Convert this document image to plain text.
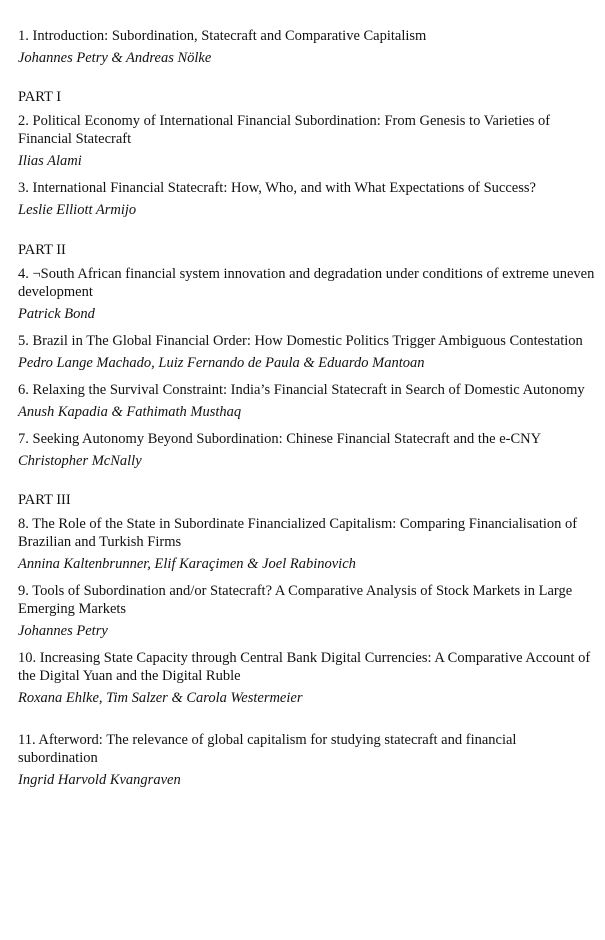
1. Introduction: Subordination, Statecraft and Comparative Capitalism
Johannes Petry & Andreas Nölke
PART I
2. Political Economy of International Financial Subordination: From Genesis to Varieties of Financial Statecraft
Ilias Alami
3. International Financial Statecraft: How, Who, and with What Expectations of Success?
Leslie Elliott Armijo
PART II
4. ¬South African financial system innovation and degradation under conditions of extreme uneven development
Patrick Bond
5. Brazil in The Global Financial Order: How Domestic Politics Trigger Ambiguous Contestation
Pedro Lange Machado, Luiz Fernando de Paula & Eduardo Mantoan
6. Relaxing the Survival Constraint: India’s Financial Statecraft in Search of Domestic Autonomy
Anush Kapadia & Fathimath Musthaq
7. Seeking Autonomy Beyond Subordination: Chinese Financial Statecraft and the e-CNY
Christopher McNally
PART III
8. The Role of the State in Subordinate Financialized Capitalism: Comparing Financialisation of Brazilian and Turkish Firms
Annina Kaltenbrunner, Elif Karaçimen & Joel Rabinovich
9. Tools of Subordination and/or Statecraft? A Comparative Analysis of Stock Markets in Large Emerging Markets
Johannes Petry
10. Increasing State Capacity through Central Bank Digital Currencies: A Comparative Account of the Digital Yuan and the Digital Ruble
Roxana Ehlke, Tim Salzer & Carola Westermeier
11. Afterword: The relevance of global capitalism for studying statecraft and financial subordination
Ingrid Harvold Kvangraven
